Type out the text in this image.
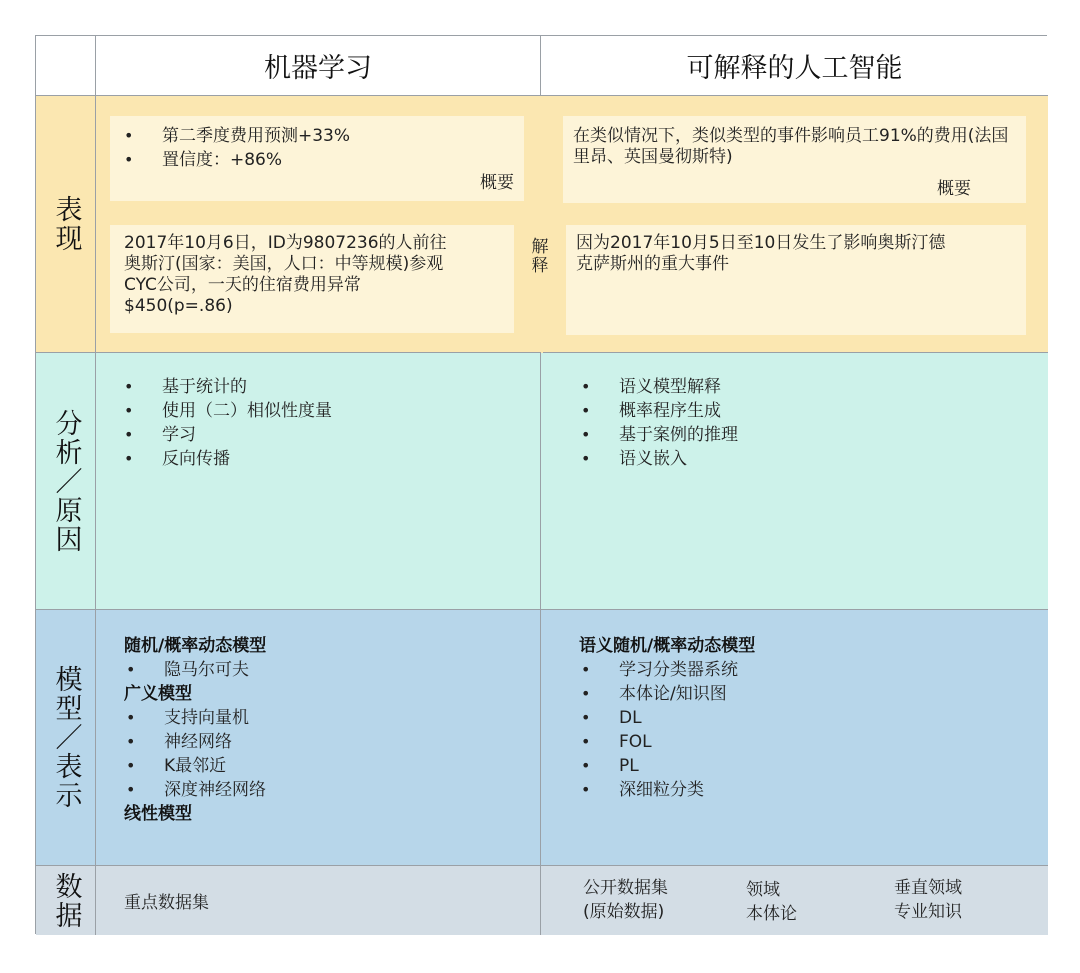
机器学习	可解释的人工智能
表现
• 第二季度费用预测+33%
• 置信度：+86%
概要
在类似情况下，类似类型的事件影响员工91%的费用(法国里昂、英国曼彻斯特)
概要
2017年10月6日，ID为9807236的人前往
奥斯汀(国家：美国，人口：中等规模)参观
CYC公司，一天的住宿费用异常
$450(p=.86)
解释
因为2017年10月5日至10日发生了影响奥斯汀德
克萨斯州的重大事件
分析／原因
• 基于统计的
• 使用（二）相似性度量
• 学习
• 反向传播
• 语义模型解释
• 概率程序生成
• 基于案例的推理
• 语义嵌入
模型／表示
随机/概率动态模型
• 隐马尔可夫
广义模型
• 支持向量机
• 神经网络
• K最邻近
• 深度神经网络
线性模型
语义随机/概率动态模型
• 学习分类器系统
• 本体论/知识图
• DL
• FOL
• PL
• 深细粒分类
数据	重点数据集
公开数据集
(原始数据)
领域
本体论
垂直领域
专业知识
